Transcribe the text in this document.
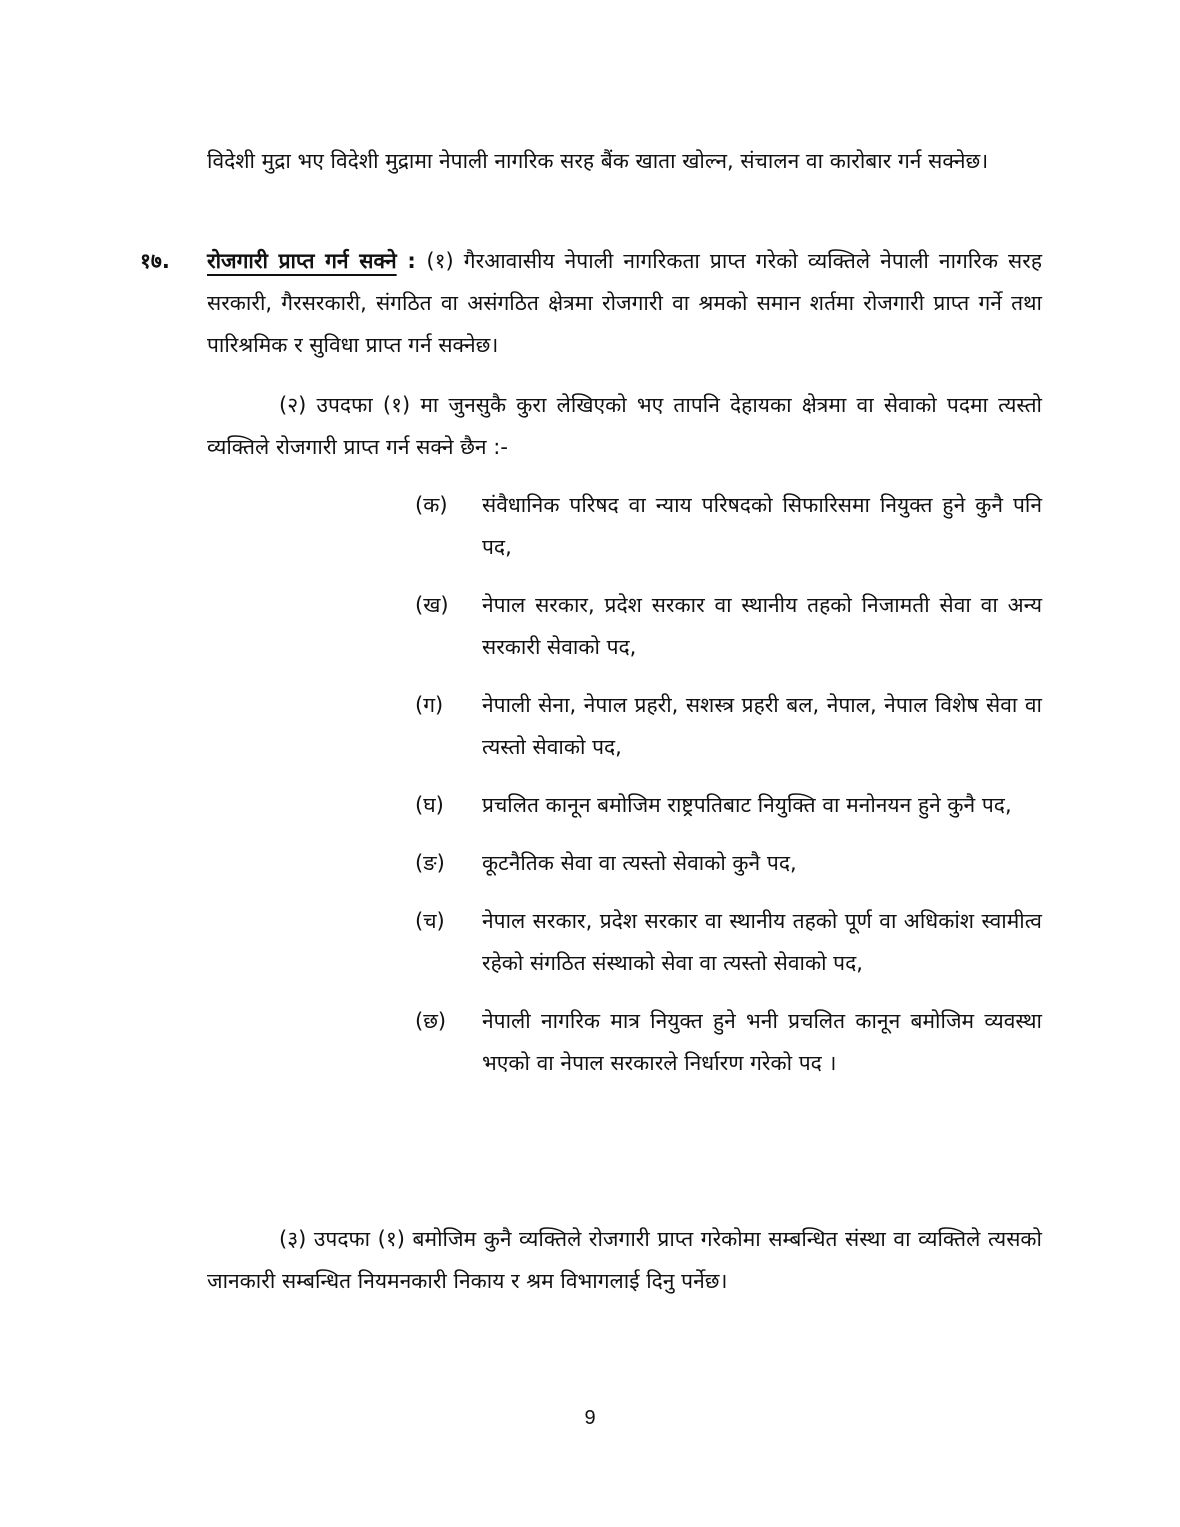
विदेशी मुद्रा भए विदेशी मुद्रामा नेपाली नागरिक सरह बैंक खाता खोल्न, संचालन वा कारोबार गर्न सक्नेछ।

१७. रोजगारी प्राप्त गर्न सक्ने : (१) गैरआवासीय नेपाली नागरिकता प्राप्त गरेको व्यक्तिले नेपाली नागरिक सरह सरकारी, गैरसरकारी, संगठित वा असंगठित क्षेत्रमा रोजगारी वा श्रमको समान शर्तमा रोजगारी प्राप्त गर्ने तथा पारिश्रमिक र सुविधा प्राप्त गर्न सक्नेछ।

(२) उपदफा (१) मा जुनसुकै कुरा लेखिएको भए तापनि देहायका क्षेत्रमा वा सेवाको पदमा त्यस्तो व्यक्तिले रोजगारी प्राप्त गर्न सक्ने छैन :-

(क) संवैधानिक परिषद वा न्याय परिषदको सिफारिसमा नियुक्त हुने कुनै पनि पद,
(ख) नेपाल सरकार, प्रदेश सरकार वा स्थानीय तहको निजामती सेवा वा अन्य सरकारी सेवाको पद,
(ग) नेपाली सेना, नेपाल प्रहरी, सशस्त्र प्रहरी बल, नेपाल, नेपाल विशेष सेवा वा त्यस्तो सेवाको पद,
(घ) प्रचलित कानून बमोजिम राष्ट्रपतिबाट नियुक्ति वा मनोनयन हुने कुनै पद,
(ङ) कूटनैतिक सेवा वा त्यस्तो सेवाको कुनै पद,
(च) नेपाल सरकार, प्रदेश सरकार वा स्थानीय तहको पूर्ण वा अधिकांश स्वामीत्व रहेको संगठित संस्थाको सेवा वा त्यस्तो सेवाको पद,
(छ) नेपाली नागरिक मात्र नियुक्त हुने भनी प्रचलित कानून बमोजिम व्यवस्था भएको वा नेपाल सरकारले निर्धारण गरेको पद ।

(३) उपदफा (१) बमोजिम कुनै व्यक्तिले रोजगारी प्राप्त गरेकोमा सम्बन्धित संस्था वा व्यक्तिले त्यसको जानकारी सम्बन्धित नियमनकारी निकाय र श्रम विभागलाई दिनु पर्नेछ।

9
